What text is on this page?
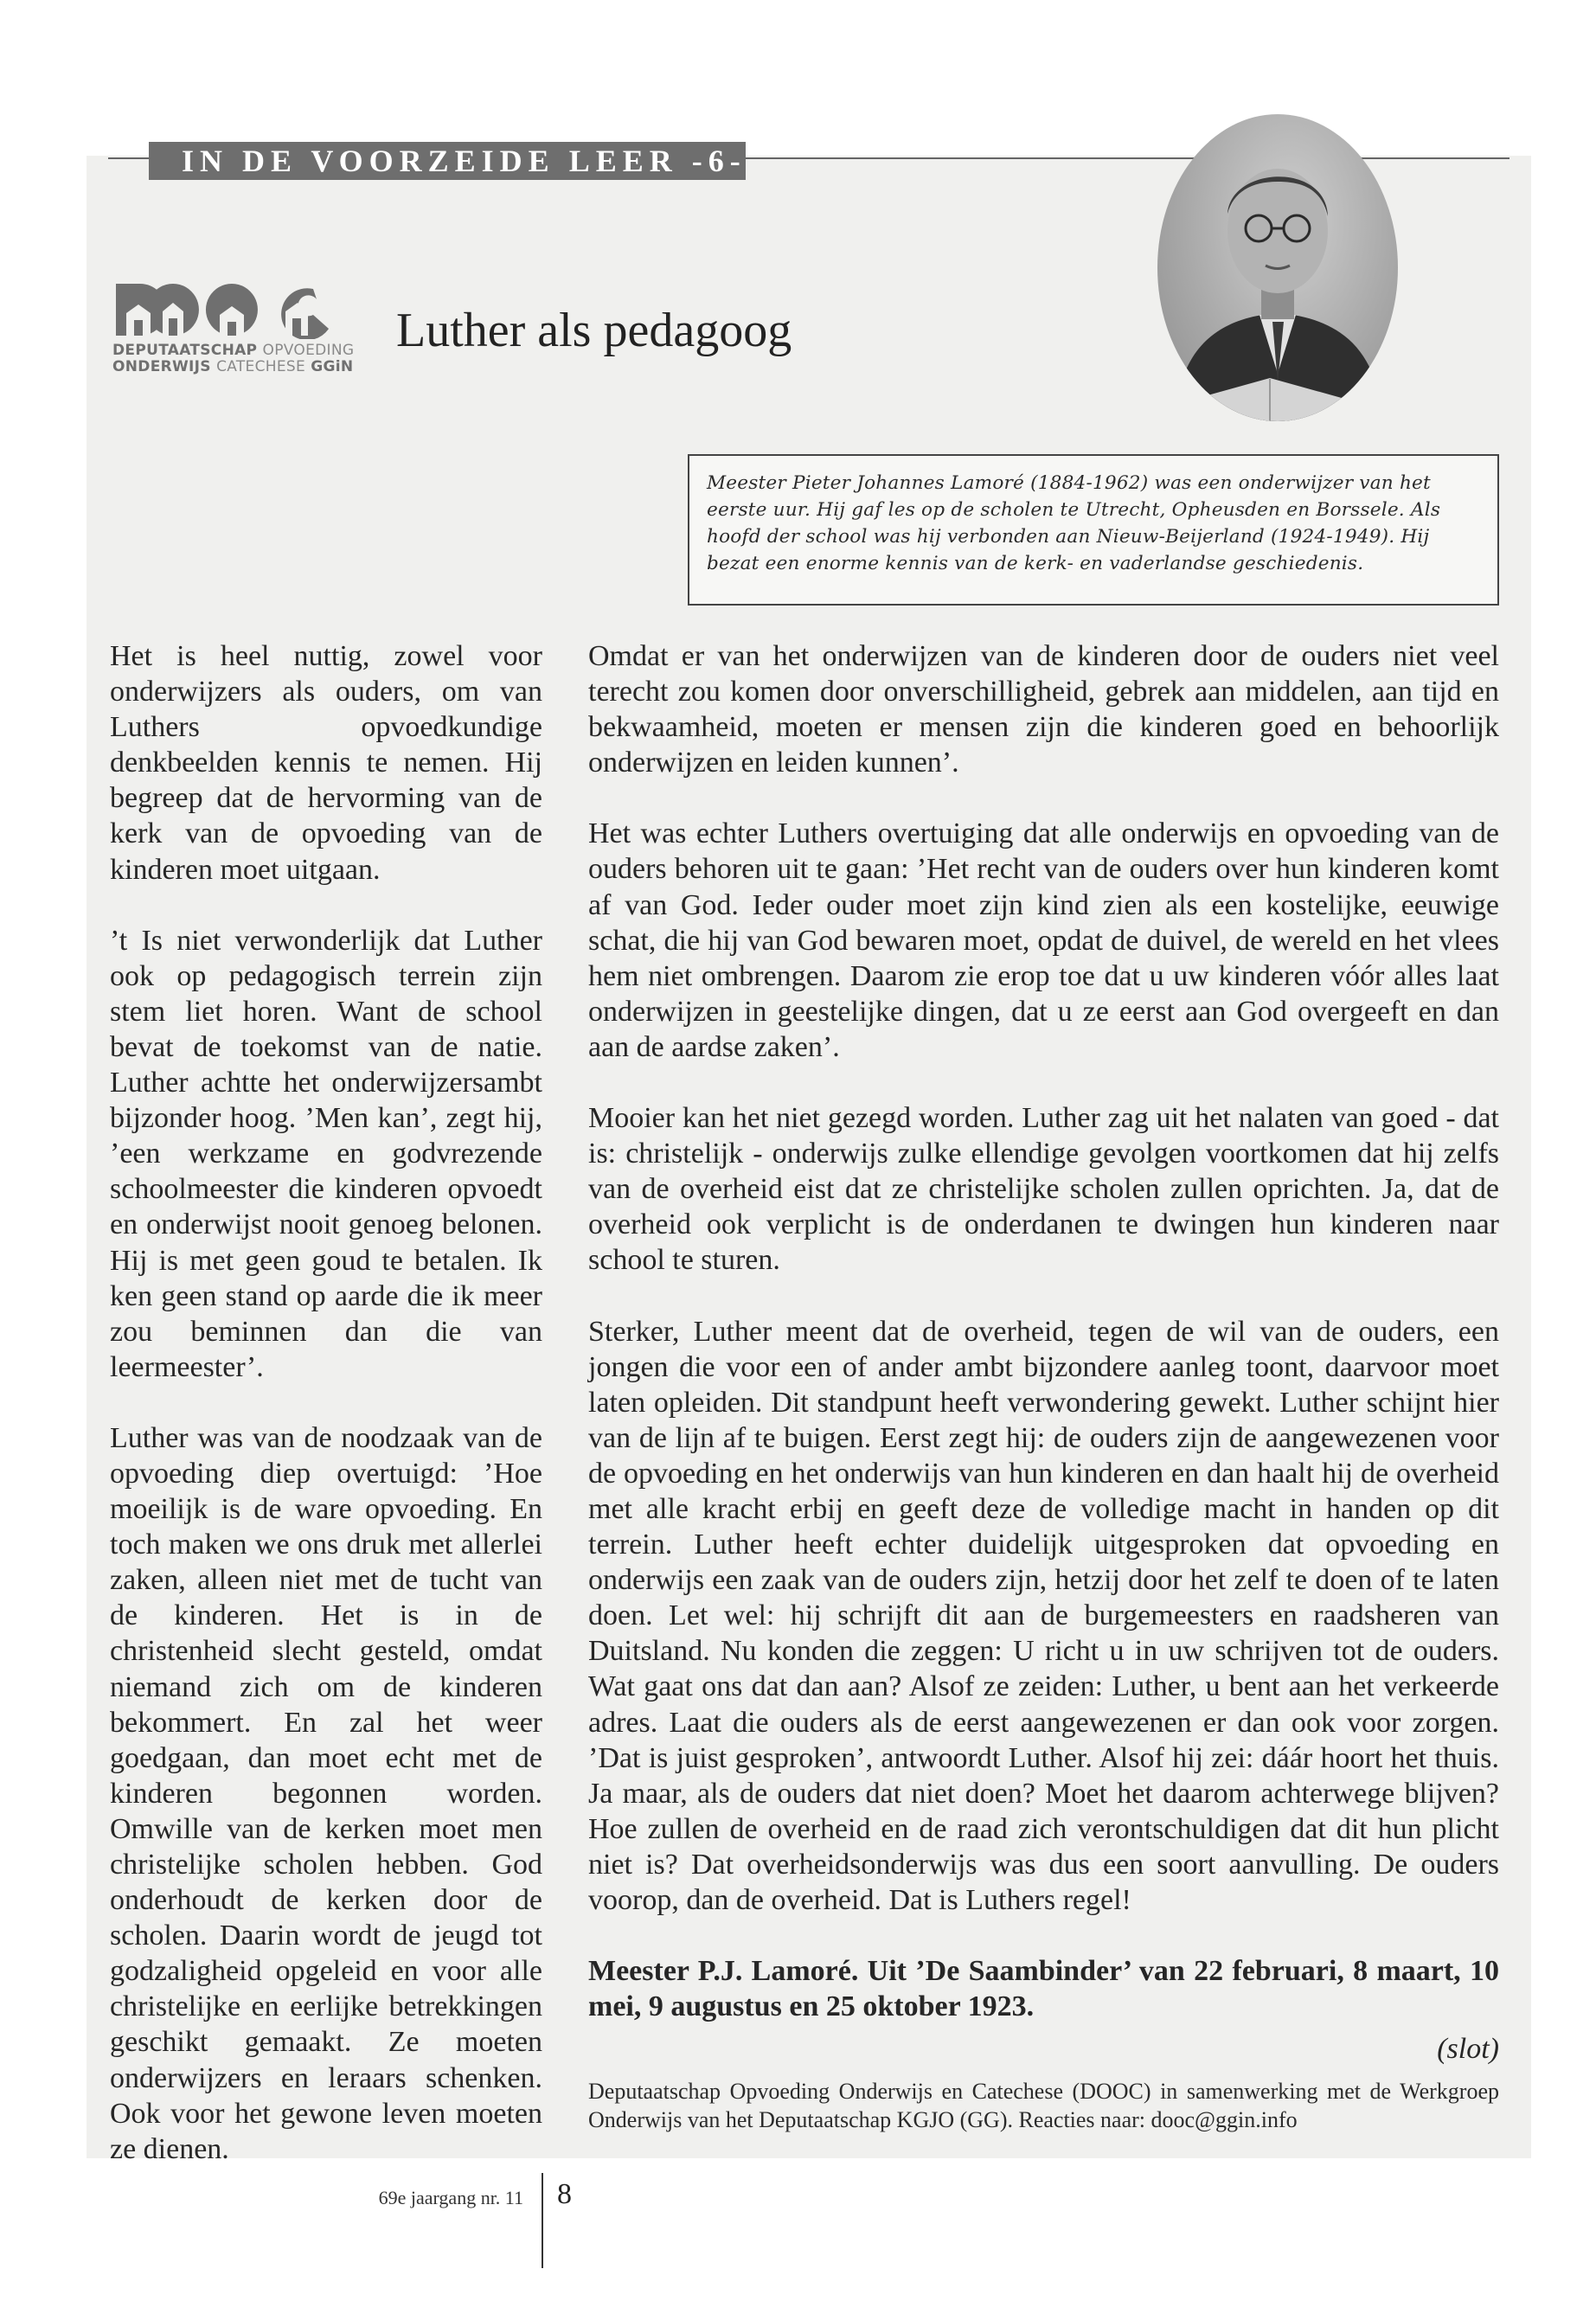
IN DE VOORZEIDE LEER -6-
DEPUTAATSCHAP OPVOEDING
ONDERWIJS CATECHESE GGiN
Luther als pedagoog
Meester Pieter Johannes Lamoré (1884-1962) was een onderwijzer van het eerste uur. Hij gaf les op de scholen te Utrecht, Opheusden en Borssele. Als hoofd der school was hij verbonden aan Nieuw-Beijerland (1924-1949). Hij bezat een enorme kennis van de kerk- en vaderlandse geschiedenis.

Het is heel nuttig, zowel voor onderwijzers als ouders, om van Luthers opvoedkundige denkbeelden kennis te nemen. Hij begreep dat de hervorming van de kerk van de opvoeding van de kinderen moet uitgaan.

’t Is niet verwonderlijk dat Luther ook op pedagogisch terrein zijn stem liet horen. Want de school bevat de toekomst van de natie. Luther achtte het onderwijzersambt bijzonder hoog. ’Men kan’, zegt hij, ’een werkzame en godvrezende schoolmeester die kinderen opvoedt en onderwijst nooit genoeg belonen. Hij is met geen goud te betalen. Ik ken geen stand op aarde die ik meer zou beminnen dan die van leermeester’.

Luther was van de noodzaak van de opvoeding diep overtuigd: ’Hoe moeilijk is de ware opvoeding. En toch maken we ons druk met allerlei zaken, alleen niet met de tucht van de kinderen. Het is in de christenheid slecht gesteld, omdat niemand zich om de kinderen bekommert. En zal het weer goedgaan, dan moet echt met de kinderen begonnen worden. Omwille van de kerken moet men christelijke scholen hebben. God onderhoudt de kerken door de scholen. Daarin wordt de jeugd tot godzaligheid opgeleid en voor alle christelijke en eerlijke betrekkingen geschikt gemaakt. Ze moeten onderwijzers en leraars schenken. Ook voor het gewone leven moeten ze dienen.

Omdat er van het onderwijzen van de kinderen door de ouders niet veel terecht zou komen door onverschilligheid, gebrek aan middelen, aan tijd en bekwaamheid, moeten er mensen zijn die kinderen goed en behoorlijk onderwijzen en leiden kunnen’.

Het was echter Luthers overtuiging dat alle onderwijs en opvoeding van de ouders behoren uit te gaan: ’Het recht van de ouders over hun kinderen komt af van God. Ieder ouder moet zijn kind zien als een kostelijke, eeuwige schat, die hij van God bewaren moet, opdat de duivel, de wereld en het vlees hem niet ombrengen. Daarom zie erop toe dat u uw kinderen vóór alles laat onderwijzen in geestelijke dingen, dat u ze eerst aan God overgeeft en dan aan de aardse zaken’.

Mooier kan het niet gezegd worden. Luther zag uit het nalaten van goed - dat is: christelijk - onderwijs zulke ellendige gevolgen voortkomen dat hij zelfs van de overheid eist dat ze christelijke scholen zullen oprichten. Ja, dat de overheid ook verplicht is de onderdanen te dwingen hun kinderen naar school te sturen.

Sterker, Luther meent dat de overheid, tegen de wil van de ouders, een jongen die voor een of ander ambt bijzondere aanleg toont, daarvoor moet laten opleiden. Dit standpunt heeft verwondering gewekt. Luther schijnt hier van de lijn af te buigen. Eerst zegt hij: de ouders zijn de aangewezenen voor de opvoeding en het onderwijs van hun kinderen en dan haalt hij de overheid met alle kracht erbij en geeft deze de volledige macht in handen op dit terrein. Luther heeft echter duidelijk uitgesproken dat opvoeding en onderwijs een zaak van de ouders zijn, hetzij door het zelf te doen of te laten doen. Let wel: hij schrijft dit aan de burgemeesters en raadsheren van Duitsland. Nu konden die zeggen: U richt u in uw schrijven tot de ouders. Wat gaat ons dat dan aan? Alsof ze zeiden: Luther, u bent aan het verkeerde adres. Laat die ouders als de eerst aangewezenen er dan ook voor zorgen. ’Dat is juist gesproken’, antwoordt Luther. Alsof hij zei: dáár hoort het thuis. Ja maar, als de ouders dat niet doen? Moet het daarom achterwege blijven? Hoe zullen de overheid en de raad zich verontschuldigen dat dit hun plicht niet is? Dat overheidsonderwijs was dus een soort aanvulling. De ouders voorop, dan de overheid. Dat is Luthers regel!

Meester P.J. Lamoré. Uit ’De Saambinder’ van 22 februari, 8 maart, 10 mei, 9 augustus en 25 oktober 1923.

(slot)

Deputaatschap Opvoeding Onderwijs en Catechese (DOOC) in samenwerking met de Werkgroep Onderwijs van het Deputaatschap KGJO (GG). Reacties naar: dooc@ggin.info

69e jaargang nr. 11 8
